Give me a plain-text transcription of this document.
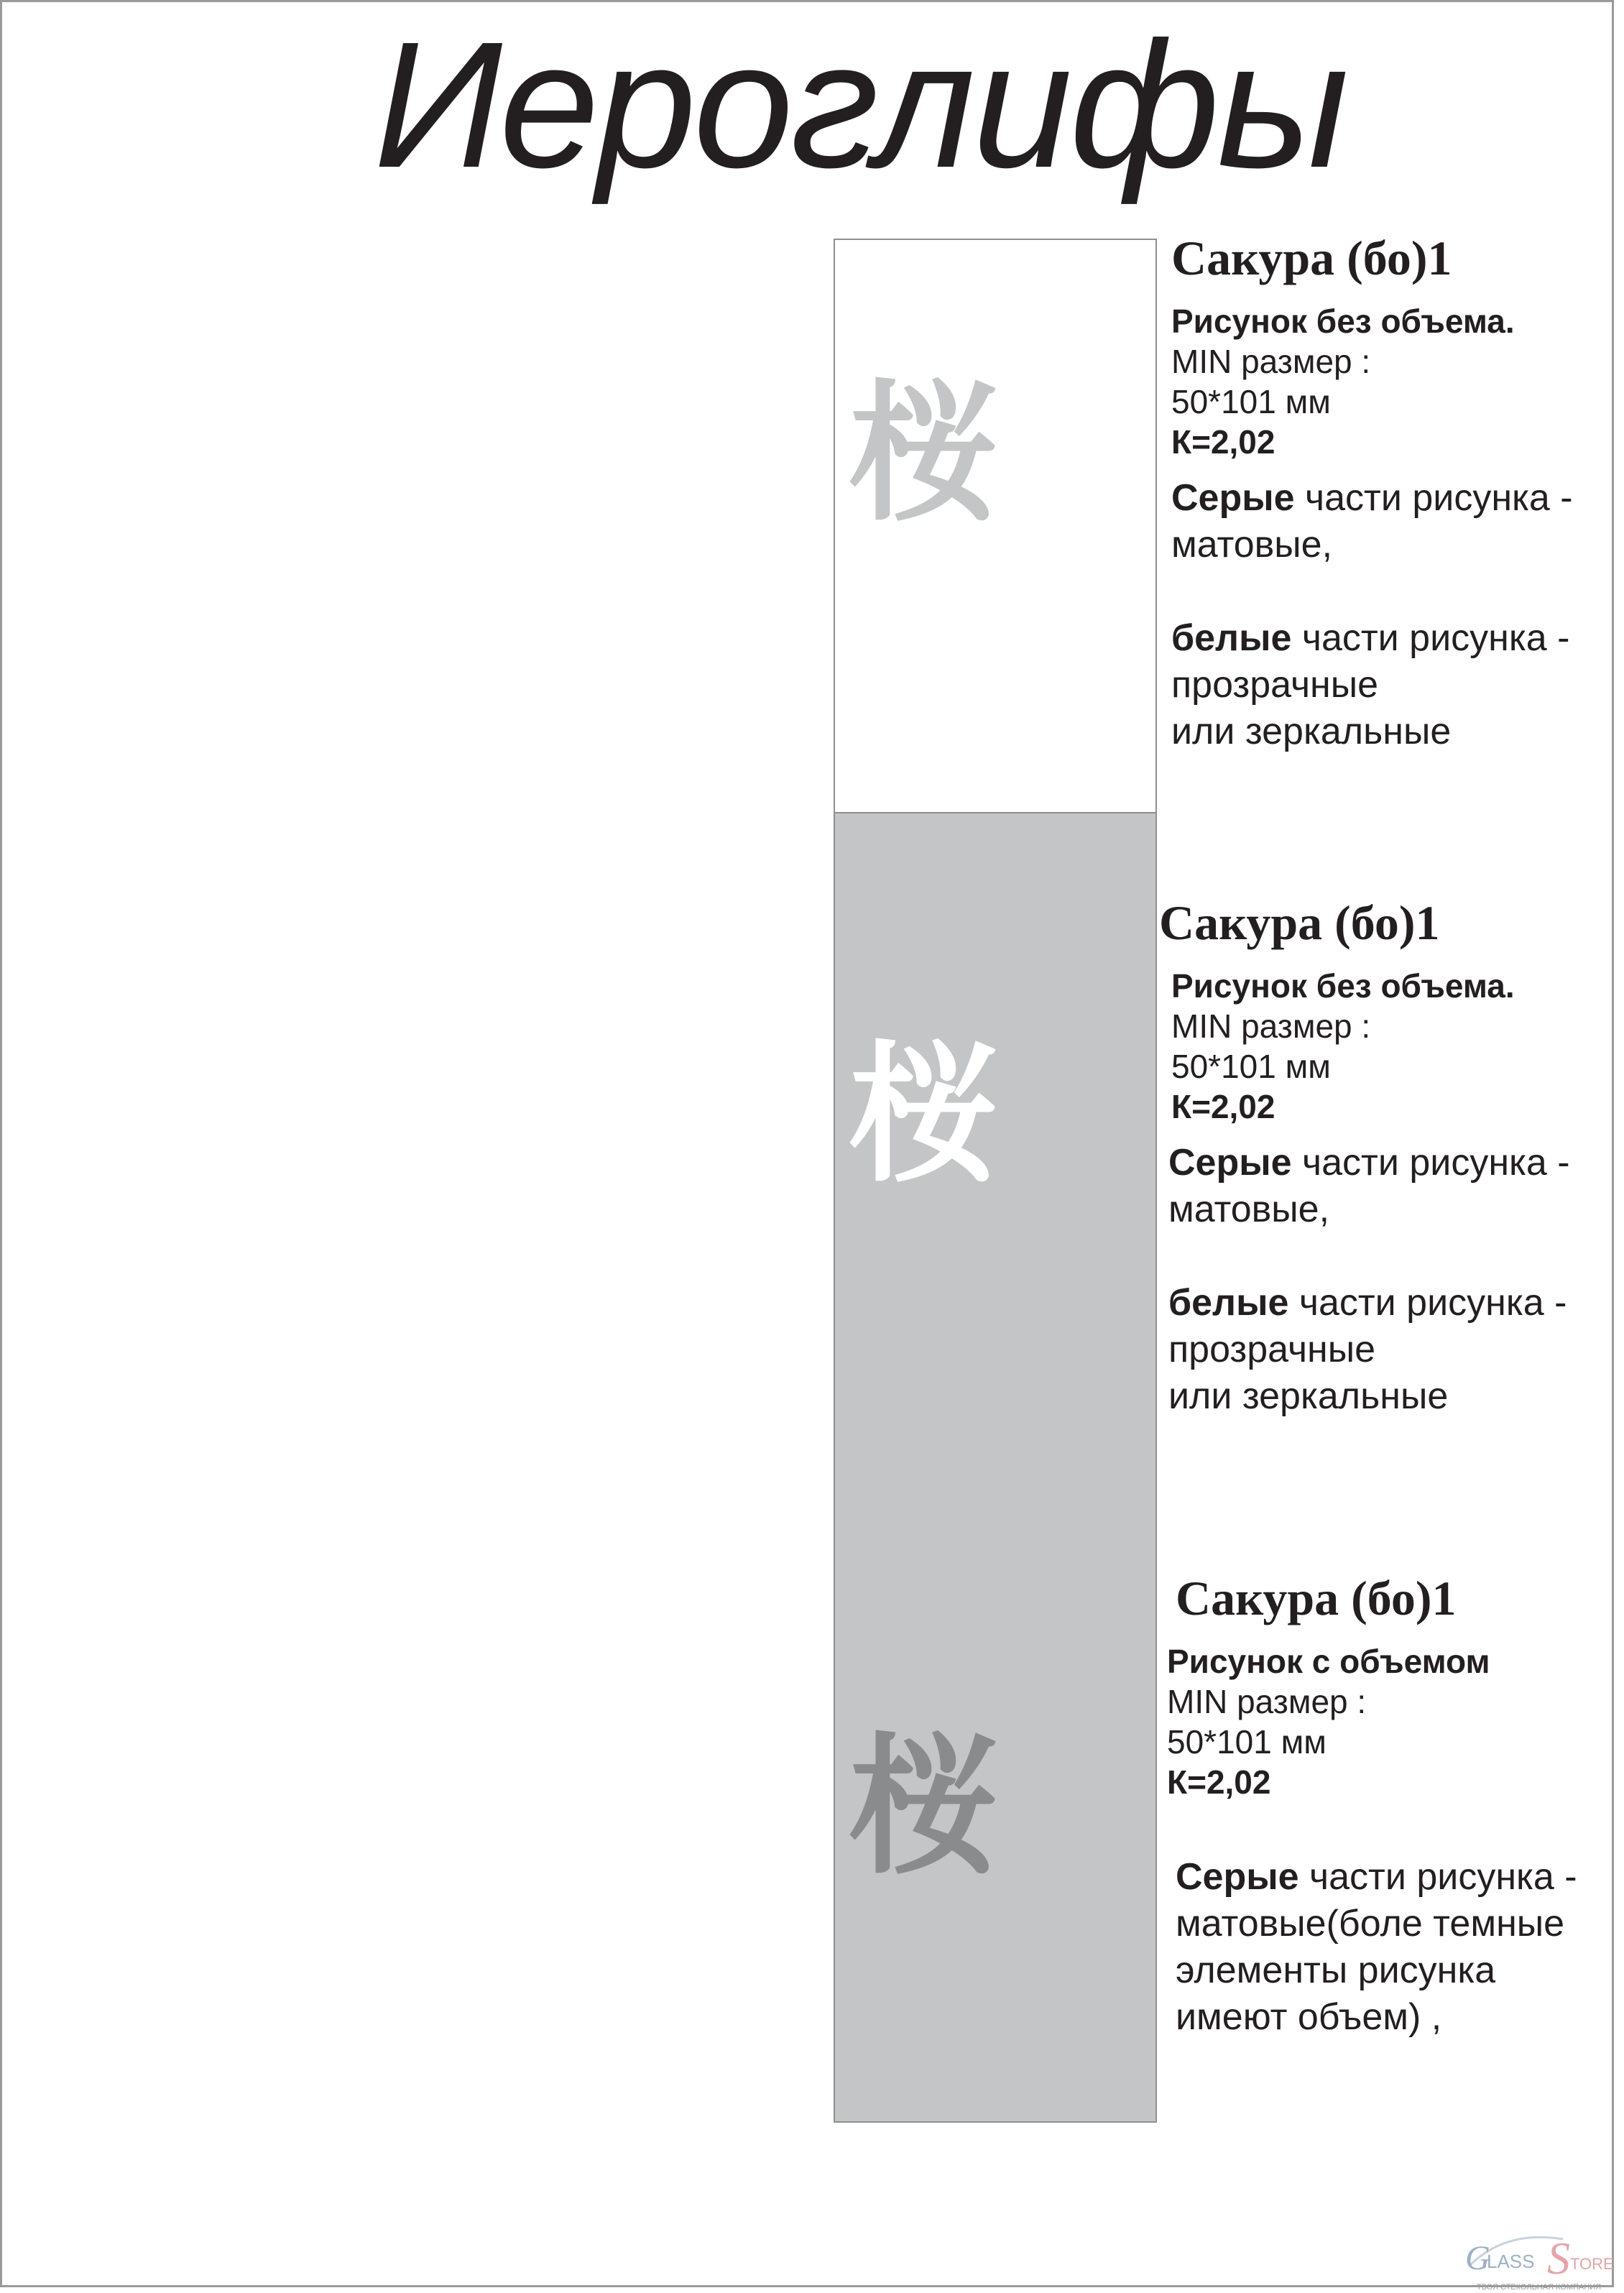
Иероглифы
桜
桜
桜
Сакура (бо)1
Рисунок без объема.
MIN размер :
50*101 мм
К=2,02
Серые части рисунка -
матовые,
белые части рисунка -
прозрачные
или зеркальные
Сакура (бо)1
Рисунок без объема.
MIN размер :
50*101 мм
К=2,02
Серые части рисунка -
матовые,
белые части рисунка -
прозрачные
или зеркальные
Сакура (бо)1
Рисунок с объемом
MIN размер :
50*101 мм
К=2,02
Серые части рисунка -
матовые(боле темные
элементы рисунка
имеют объем) ,
G
LASS S TORE
ТВОЯ СТЕКОЛЬНАЯ КОМПАНИЯ
